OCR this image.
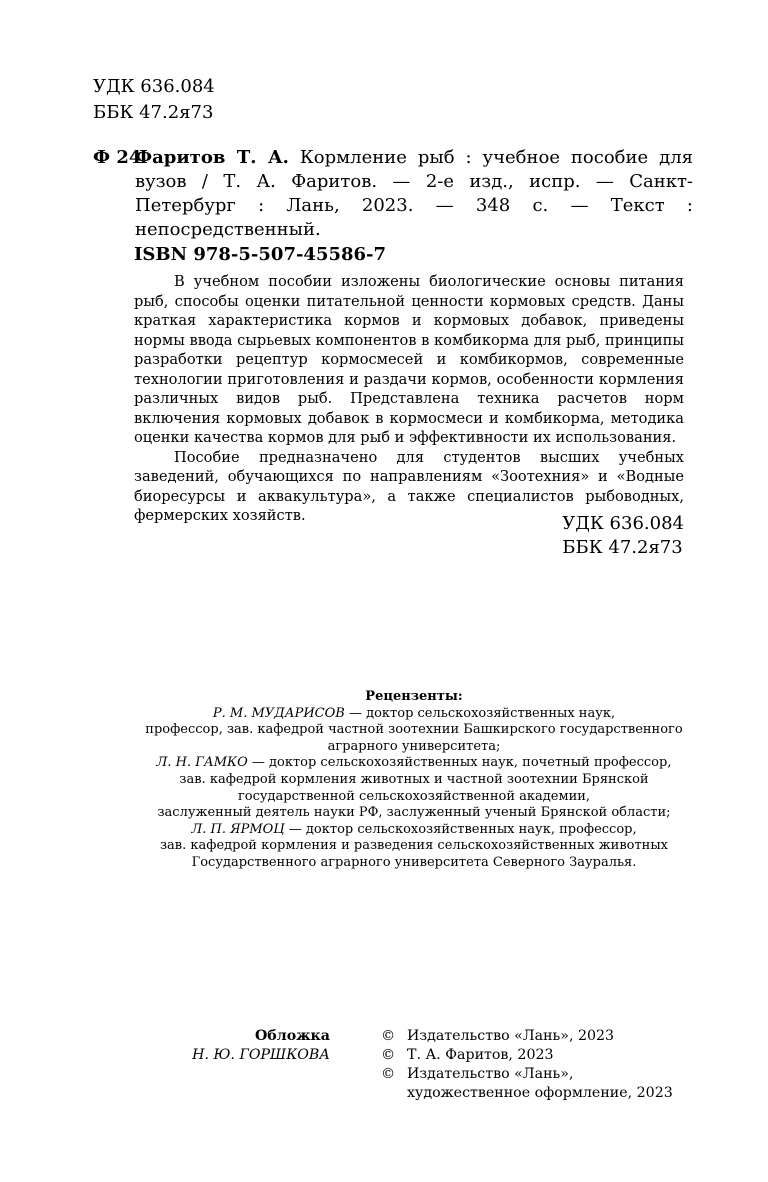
УДК 636.084
ББК 47.2я73
Ф 24
Фаритов Т. А. Кормление рыб : учебное пособие для вузов / Т. А. Фаритов. — 2-е изд., испр. — Санкт-Петербург : Лань, 2023. — 348 с. — Текст : непосредственный.
ISBN 978-5-507-45586-7

В учебном пособии изложены биологические основы питания рыб, способы оценки питательной ценности кормовых средств. Даны краткая характеристика кормов и кормовых добавок, приведены нормы ввода сырьевых компонентов в комбикорма для рыб, принципы разработки рецептур кормосмесей и комбикормов, современные технологии приготовления и раздачи кормов, особенности кормления различных видов рыб. Представлена техника расчетов норм включения кормовых добавок в кормосмеси и комбикорма, методика оценки качества кормов для рыб и эффективности их использования.

Пособие предназначено для студентов высших учебных заведений, обучающихся по направлениям «Зоотехния» и «Водные биоресурсы и аквакультура», а также специалистов рыбоводных, фермерских хозяйств.	УДК 636.084
ББК 47.2я73
Рецензенты:
Р. М. МУДАРИСОВ — доктор сельскохозяйственных наук,
профессор, зав. кафедрой частной зоотехнии Башкирского государственного
аграрного университета;
Л. Н. ГАМКО — доктор сельскохозяйственных наук, почетный профессор,
зав. кафедрой кормления животных и частной зоотехнии Брянской
государственной сельскохозяйственной академии,
заслуженный деятель науки РФ, заслуженный ученый Брянской области;
Л. П. ЯРМОЦ — доктор сельскохозяйственных наук, профессор,
зав. кафедрой кормления и разведения сельскохозяйственных животных
Государственного аграрного университета Северного Зауралья.
Обложка
Н. Ю. ГОРШКОВА
© Издательство «Лань», 2023
© Т. А. Фаритов, 2023
© Издательство «Лань», художественное оформление, 2023
